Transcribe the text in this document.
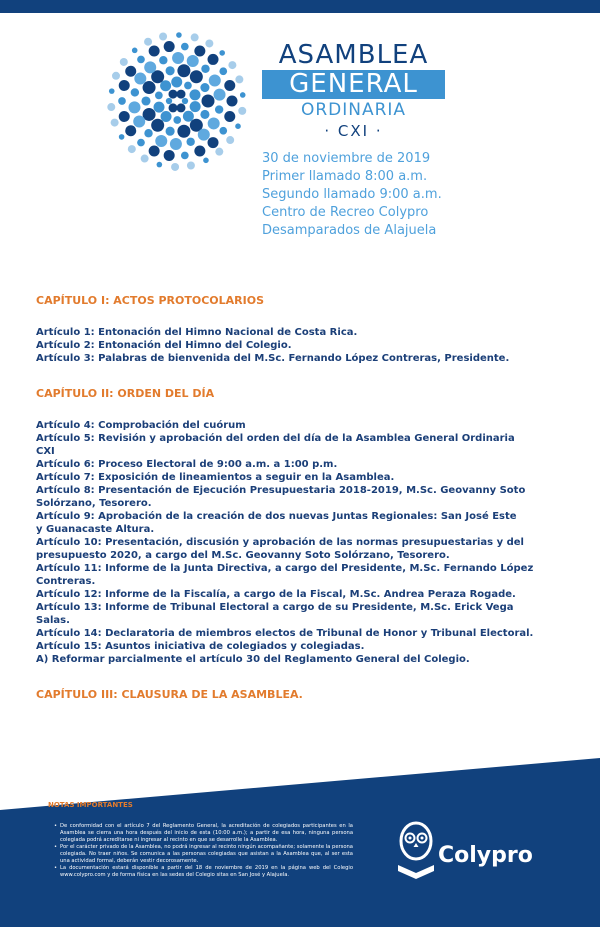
ASAMBLEA
GENERAL
ORDINARIA
· CXI ·
30 de noviembre de 2019
Primer llamado 8:00 a.m.
Segundo llamado 9:00 a.m.
Centro de Recreo Colypro
Desamparados de Alajuela

CAPÍTULO I: ACTOS PROTOCOLARIOS

Artículo 1: Entonación del Himno Nacional de Costa Rica.

Artículo 2: Entonación del Himno del Colegio.

Artículo 3: Palabras de bienvenida del M.Sc. Fernando López Contreras, Presidente.

CAPÍTULO II: ORDEN DEL DÍA

Artículo 4: Comprobación del cuórum

Artículo 5: Revisión y aprobación del orden del día de la Asamblea General Ordinaria

CXI

Artículo 6: Proceso Electoral de 9:00 a.m. a 1:00 p.m.

Artículo 7: Exposición de lineamientos a seguir en la Asamblea.

Artículo 8: Presentación de Ejecución Presupuestaria 2018-2019, M.Sc. Geovanny Soto

Solórzano, Tesorero.

Artículo 9: Aprobación de la creación de dos nuevas Juntas Regionales: San José Este

y Guanacaste Altura.

Artículo 10: Presentación, discusión y aprobación de las normas presupuestarias y del

presupuesto 2020, a cargo del M.Sc. Geovanny Soto Solórzano, Tesorero.

Artículo 11: Informe de la Junta Directiva, a cargo del Presidente, M.Sc. Fernando López

Contreras.

Artículo 12: Informe de la Fiscalía, a cargo de la Fiscal, M.Sc. Andrea Peraza Rogade.

Artículo 13: Informe de Tribunal Electoral a cargo de su Presidente, M.Sc. Erick Vega

Salas.

Artículo 14: Declaratoria de miembros electos de Tribunal de Honor y Tribunal Electoral.

Artículo 15: Asuntos iniciativa de colegiados y colegiadas.

A) Reformar parcialmente el artículo 30 del Reglamento General del Colegio.

CAPÍTULO III: CLAUSURA DE LA ASAMBLEA.

NOTAS IMPORTANTES
• De conformidad con el artículo 7 del Reglamento General, la acreditación de colegiados participantes en la Asamblea se cierra una hora después del inicio de esta (10:00 a.m.); a partir de esa hora, ninguna persona colegiada podrá acreditarse ni ingresar al recinto en que se desarrolle la Asamblea.
• Por el carácter privado de la Asamblea, no podrá ingresar al recinto ningún acompañante; solamente la persona colegiada. No traer niños. Se comunica a las personas colegiadas que asistan a la Asamblea que, al ser esta una actividad formal, deberán vestir decorosamente.
• La documentación estará disponible a partir del 18 de noviembre de 2019 en la página web del Colegio www.colypro.com y de forma física en las sedes del Colegio sitas en San José y Alajuela.
Colypro
